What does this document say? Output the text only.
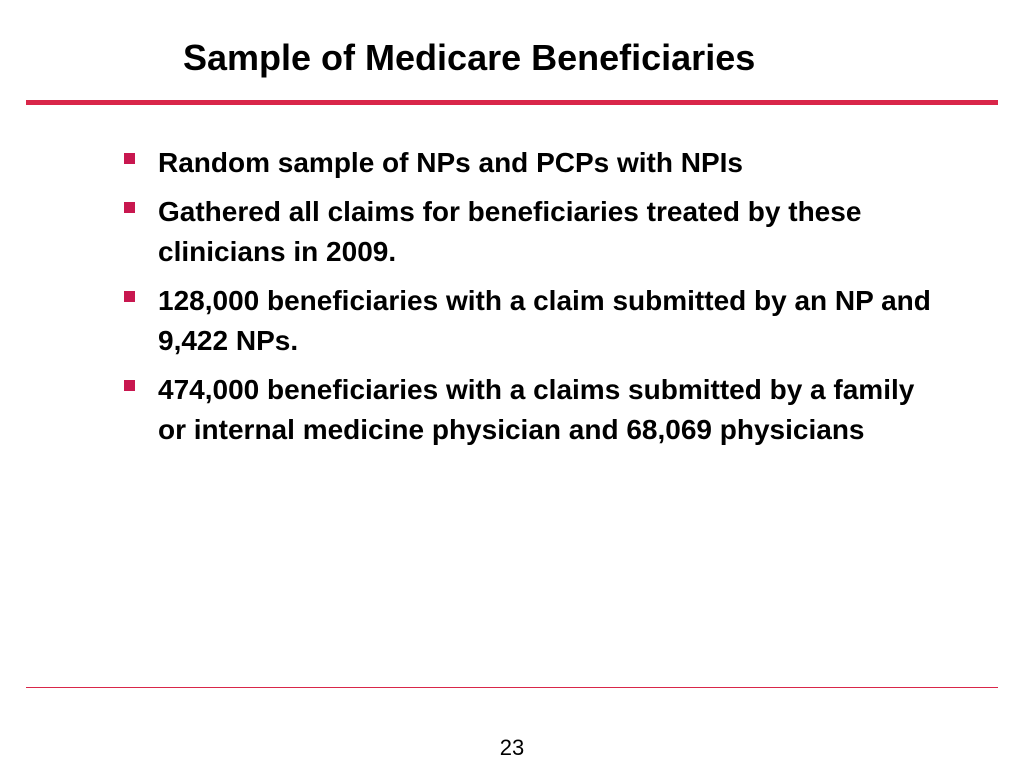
Sample of Medicare Beneficiaries
Random sample of NPs and PCPs with NPIs
Gathered all claims for beneficiaries treated by these clinicians in 2009.
128,000 beneficiaries with a claim submitted by an NP and 9,422 NPs.
474,000 beneficiaries with a claims submitted by a family or internal medicine physician and 68,069 physicians
23
